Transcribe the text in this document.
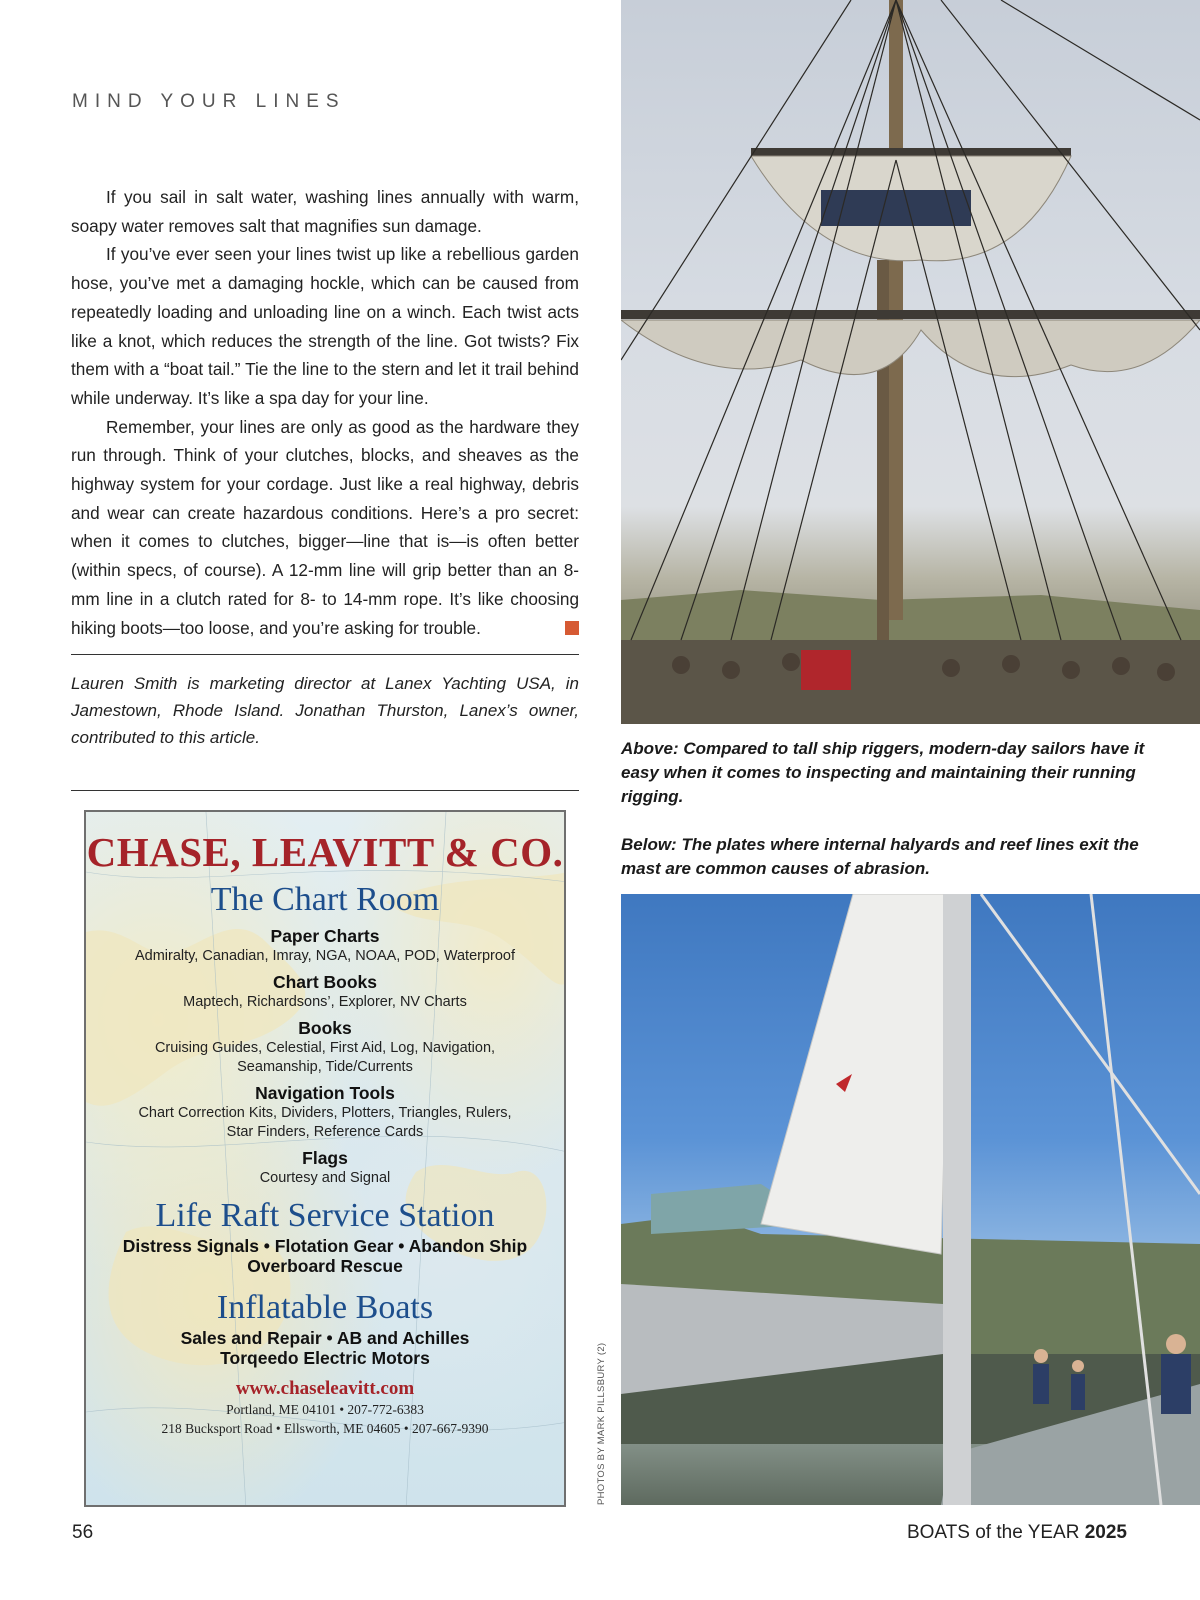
MIND YOUR LINES

If you sail in salt water, washing lines annually with warm, soapy water removes salt that magnifies sun damage.

If you’ve ever seen your lines twist up like a rebellious garden hose, you’ve met a damaging hockle, which can be caused from repeatedly loading and unloading line on a winch. Each twist acts like a knot, which reduces the strength of the line. Got twists? Fix them with a “boat tail.” Tie the line to the stern and let it trail behind while underway. It’s like a spa day for your line.

Remember, your lines are only as good as the hardware they run through. Think of your clutches, blocks, and sheaves as the highway system for your cordage. Just like a real highway, debris and wear can create hazardous conditions. Here’s a pro secret: when it comes to clutches, bigger—line that is—is often better (within specs, of course). A 12-mm line will grip better than an 8-mm line in a clutch rated for 8- to 14-mm rope. It’s like choosing hiking boots—too loose, and you’re asking for trouble.

Lauren Smith is marketing director at Lanex Yachting USA, in Jamestown, Rhode Island. Jonathan Thurston, Lanex’s owner, contributed to this article.
CHASE, LEAVITT & CO.
The Chart Room
Paper Charts
Admiralty, Canadian, Imray, NGA, NOAA, POD, Waterproof
Chart Books
Maptech, Richardsons’, Explorer, NV Charts
Books
Cruising Guides, Celestial, First Aid, Log, Navigation,
Seamanship, Tide/Currents
Navigation Tools
Chart Correction Kits, Dividers, Plotters, Triangles, Rulers,
Star Finders, Reference Cards
Flags
Courtesy and Signal
Life Raft Service Station
Distress Signals • Flotation Gear • Abandon Ship
Overboard Rescue
Inflatable Boats
Sales and Repair • AB and Achilles
Torqeedo Electric Motors
www.chaseleavitt.com
Portland, ME 04101 • 207-772-6383
218 Bucksport Road • Ellsworth, ME 04605 • 207-667-9390

Above: Compared to tall ship riggers, modern-day sailors have it easy when it comes to inspecting and maintaining their running rigging.

Below: The plates where internal halyards and reef lines exit the mast are common causes of abrasion.

PHOTOS BY MARK PILLSBURY (2)
56	BOATS of the YEAR 2025
